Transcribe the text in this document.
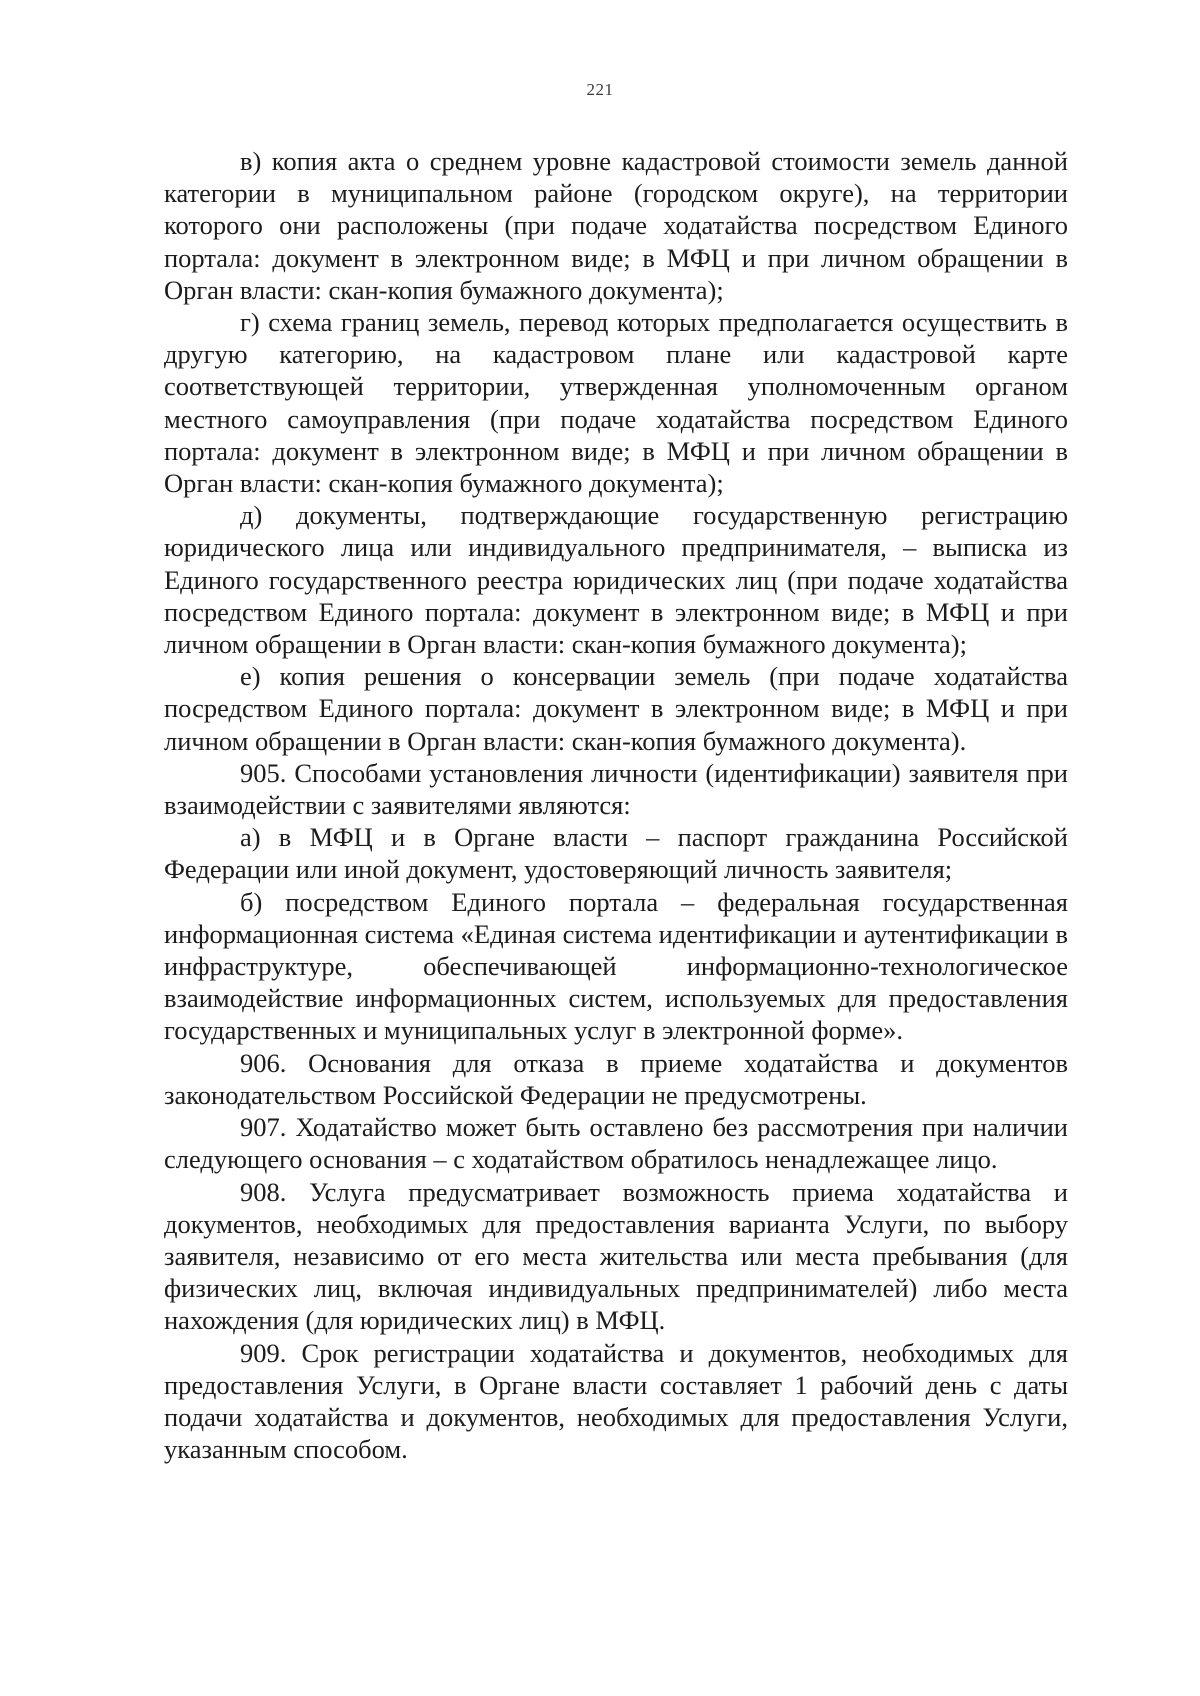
221

в) копия акта о среднем уровне кадастровой стоимости земель данной категории в муниципальном районе (городском округе), на территории которого они расположены (при подаче ходатайства посредством Единого портала: документ в электронном виде; в МФЦ и при личном обращении в Орган власти: скан-копия бумажного документа);

г) схема границ земель, перевод которых предполагается осуществить в другую категорию, на кадастровом плане или кадастровой карте соответствующей территории, утвержденная уполномоченным органом местного самоуправления (при подаче ходатайства посредством Единого портала: документ в электронном виде; в МФЦ и при личном обращении в Орган власти: скан-копия бумажного документа);

д) документы, подтверждающие государственную регистрацию юридического лица или индивидуального предпринимателя, – выписка из Единого государственного реестра юридических лиц (при подаче ходатайства посредством Единого портала: документ в электронном виде; в МФЦ и при личном обращении в Орган власти: скан-копия бумажного документа);

е) копия решения о консервации земель (при подаче ходатайства посредством Единого портала: документ в электронном виде; в МФЦ и при личном обращении в Орган власти: скан-копия бумажного документа).

905. Способами установления личности (идентификации) заявителя при взаимодействии с заявителями являются:

а) в МФЦ и в Органе власти – паспорт гражданина Российской Федерации или иной документ, удостоверяющий личность заявителя;

б) посредством Единого портала – федеральная государственная информационная система «Единая система идентификации и аутентификации в инфраструктуре, обеспечивающей информационно-технологическое взаимодействие информационных систем, используемых для предоставления государственных и муниципальных услуг в электронной форме».

906. Основания для отказа в приеме ходатайства и документов законодательством Российской Федерации не предусмотрены.

907. Ходатайство может быть оставлено без рассмотрения при наличии следующего основания – с ходатайством обратилось ненадлежащее лицо.

908. Услуга предусматривает возможность приема ходатайства и документов, необходимых для предоставления варианта Услуги, по выбору заявителя, независимо от его места жительства или места пребывания (для физических лиц, включая индивидуальных предпринимателей) либо места нахождения (для юридических лиц) в МФЦ.

909. Срок регистрации ходатайства и документов, необходимых для предоставления Услуги, в Органе власти составляет 1 рабочий день с даты подачи ходатайства и документов, необходимых для предоставления Услуги, указанным способом.
